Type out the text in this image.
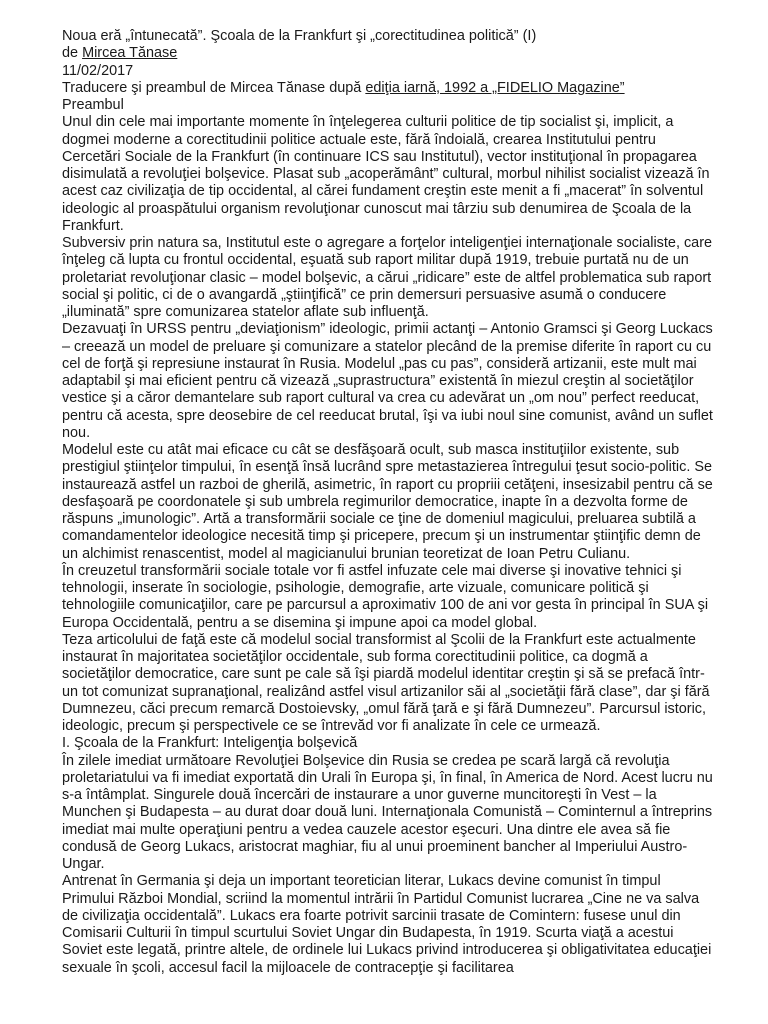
Noua eră „întunecată”. Şcoala de la Frankfurt şi „corectitudinea politică” (I)

de Mircea Tănase

11/02/2017

Traducere şi preambul de Mircea Tănase după ediţia iarnă, 1992 a „FIDELIO Magazine”

Preambul

Unul din cele mai importante momente în înţelegerea culturii politice de tip socialist şi, implicit, a dogmei moderne a corectitudinii politice actuale este, fără îndoială, crearea Institutului pentru Cercetări Sociale de la Frankfurt (în continuare ICS sau Institutul), vector instituţional în propagarea disimulată a revoluţiei bolşevice. Plasat sub „acoperământ” cultural, morbul nihilist socialist vizează în acest caz civilizaţia de tip occidental, al cărei fundament creştin este menit a fi „macerat” în solventul ideologic al proaspătului organism revoluţionar cunoscut mai târziu sub denumirea de Şcoala de la Frankfurt.

Subversiv prin natura sa, Institutul este o agregare a forţelor inteligenţiei internaţionale socialiste, care înţeleg că lupta cu frontul occidental, eşuată sub raport militar după 1919, trebuie purtată nu de un proletariat revoluţionar clasic – model bolşevic, a cărui „ridicare” este de altfel problematica sub raport social şi politic, ci de o avangardă „ştiinţifică” ce prin demersuri persuasive asumă o conducere „iluminată” spre comunizarea statelor aflate sub influenţă.

Dezavuaţi în URSS pentru „deviaţionism” ideologic, primii actanţi – Antonio Gramsci şi Georg Luckacs – creează un model de preluare şi comunizare a statelor plecând de la premise diferite în raport cu cu cel de forţă şi represiune instaurat în Rusia. Modelul „pas cu pas”, consideră artizanii, este mult mai adaptabil şi mai eficient pentru că vizează „suprastructura” existentă în miezul creştin al societăţilor vestice şi a căror demantelare sub raport cultural va crea cu adevărat un „om nou” perfect reeducat, pentru că acesta, spre deosebire de cel reeducat brutal, îşi va iubi noul sine comunist, având un suflet nou.

Modelul este cu atât mai eficace cu cât se desfăşoară ocult, sub masca instituţiilor existente, sub prestigiul ştiinţelor timpului, în esenţă însă lucrând spre metastazierea întregului ţesut socio-politic. Se instaurează astfel un razboi de gherilă, asimetric, în raport cu propriii cetăţeni, insesizabil pentru că se desfaşoară pe coordonatele şi sub umbrela regimurilor democratice, inapte în a dezvolta forme de răspuns „imunologic”. Artă a transformării sociale ce ţine de domeniul magicului, preluarea subtilă a comandamentelor ideologice necesită timp şi pricepere, precum şi un instrumentar ştiinţific demn de un alchimist renascentist, model al magicianului brunian teoretizat de Ioan Petru Culianu.

În creuzetul transformării sociale totale vor fi astfel infuzate cele mai diverse şi inovative tehnici şi tehnologii, inserate în sociologie, psihologie, demografie, arte vizuale, comunicare politică şi tehnologiile comunicaţiilor, care pe parcursul a aproximativ 100 de ani vor gesta în principal în SUA şi Europa Occidentală, pentru a se disemina şi impune apoi ca model global.

Teza articolului de faţă este că modelul social transformist al Şcolii de la Frankfurt este actualmente instaurat în majoritatea societăţilor occidentale, sub forma corectitudinii politice, ca dogmă a societăţilor democratice, care sunt pe cale să îşi piardă modelul identitar creştin şi să se prefacă într-un tot comunizat supranaţional, realizând astfel visul artizanilor săi al „societăţii fără clase”, dar şi fără Dumnezeu, căci precum remarcă Dostoievsky, „omul fără ţară e şi fără Dumnezeu”. Parcursul istoric, ideologic, precum şi perspectivele ce se întrevăd vor fi analizate în cele ce urmează.

I. Şcoala de la Frankfurt: Inteligenţia bolşevică

În zilele imediat următoare Revoluţiei Bolşevice din Rusia se credea pe scară largă că revoluţia proletariatului va fi imediat exportată din Urali în Europa şi, în final, în America de Nord. Acest lucru nu s-a întâmplat. Singurele două încercări de instaurare a unor guverne muncitoreşti în Vest – la Munchen şi Budapesta – au durat doar două luni. Internaţionala Comunistă – Cominternul a întreprins imediat mai multe operaţiuni pentru a vedea cauzele acestor eşecuri. Una dintre ele avea să fie condusă de Georg Lukacs, aristocrat maghiar, fiu al unui proeminent bancher al Imperiului Austro-Ungar.

Antrenat în Germania şi deja un important teoretician literar, Lukacs devine comunist în timpul Primului Război Mondial, scriind la momentul intrării în Partidul Comunist lucrarea „Cine ne va salva de civilizaţia occidentală”. Lukacs era foarte potrivit sarcinii trasate de Comintern: fusese unul din Comisarii Culturii în timpul scurtului Soviet Ungar din Budapesta, în 1919. Scurta viaţă a acestui Soviet este legată, printre altele, de ordinele lui Lukacs privind introducerea şi obligativitatea educaţiei sexuale în şcoli, accesul facil la mijloacele de contracepţie şi facilitarea
